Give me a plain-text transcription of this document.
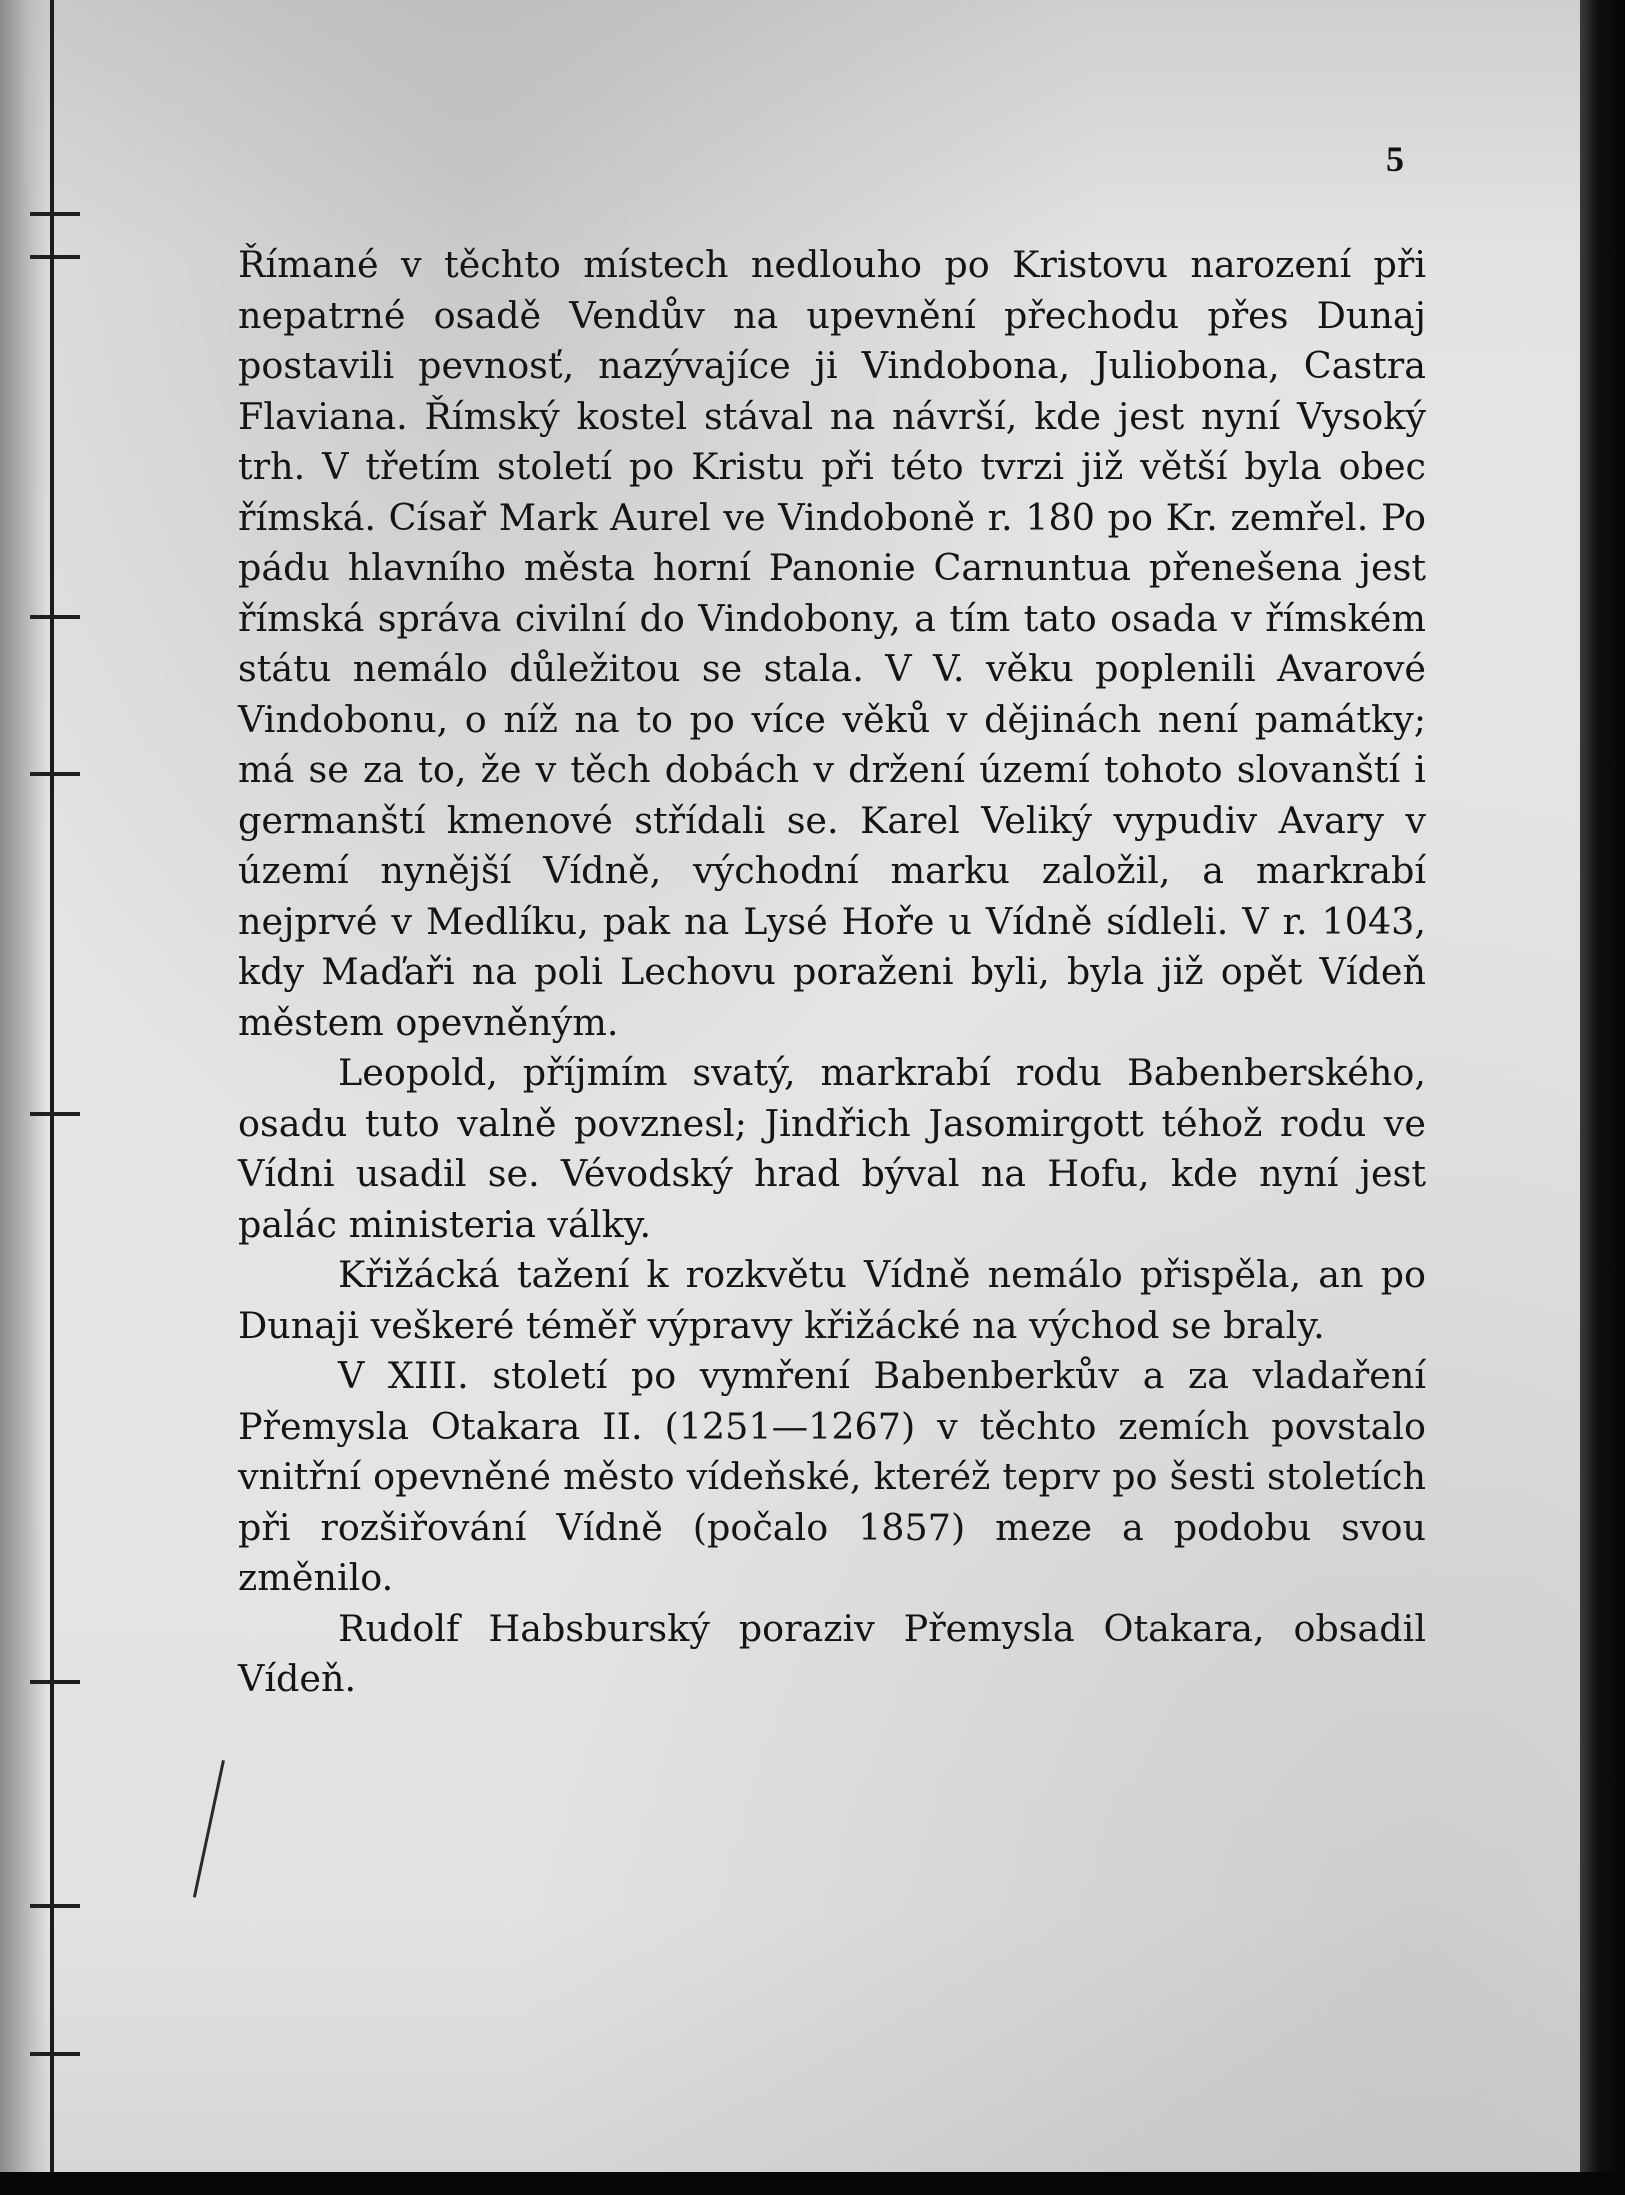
5

Římané v těchto místech nedlouho po Kristovu narození při nepatrné osadě Vendův na upevnění přechodu přes Dunaj postavili pevnosť, nazývajíce ji Vindobona, Juliobona, Castra Flaviana. Římský kostel stával na návrší, kde jest nyní Vysoký trh. V třetím století po Kristu při této tvrzi již větší byla obec římská. Císař Mark Aurel ve Vindoboně r. 180 po Kr. zemřel. Po pádu hlavního města horní Panonie Carnuntua přenešena jest římská správa civilní do Vindobony, a tím tato osada v římském státu nemálo důležitou se stala. V V. věku poplenili Avarové Vindobonu, o níž na to po více věků v dějinách není památky; má se za to, že v těch dobách v držení území tohoto slovanští i germanští kmenové střídali se. Karel Veliký vypudiv Avary v území nynější Vídně, východní marku založil, a markrabí nejprvé v Medlíku, pak na Lysé Hoře u Vídně sídleli. V r. 1043, kdy Maďaři na poli Lechovu poraženi byli, byla již opět Vídeň městem opevněným.

Leopold, příjmím svatý, markrabí rodu Babenberského, osadu tuto valně povznesl; Jindřich Jasomirgott téhož rodu ve Vídni usadil se. Vévodský hrad býval na Hofu, kde nyní jest palác ministeria války.

Křižácká tažení k rozkvětu Vídně nemálo přispěla, an po Dunaji veškeré téměř výpravy křižácké na východ se braly.

V XIII. století po vymření Babenberkův a za vladaření Přemysla Otakara II. (1251—1267) v těchto zemích povstalo vnitřní opevněné město vídeňské, kteréž teprv po šesti stoletích při rozšiřování Vídně (počalo 1857) meze a podobu svou změnilo.

Rudolf Habsburský poraziv Přemysla Otakara, obsadil Vídeň.
